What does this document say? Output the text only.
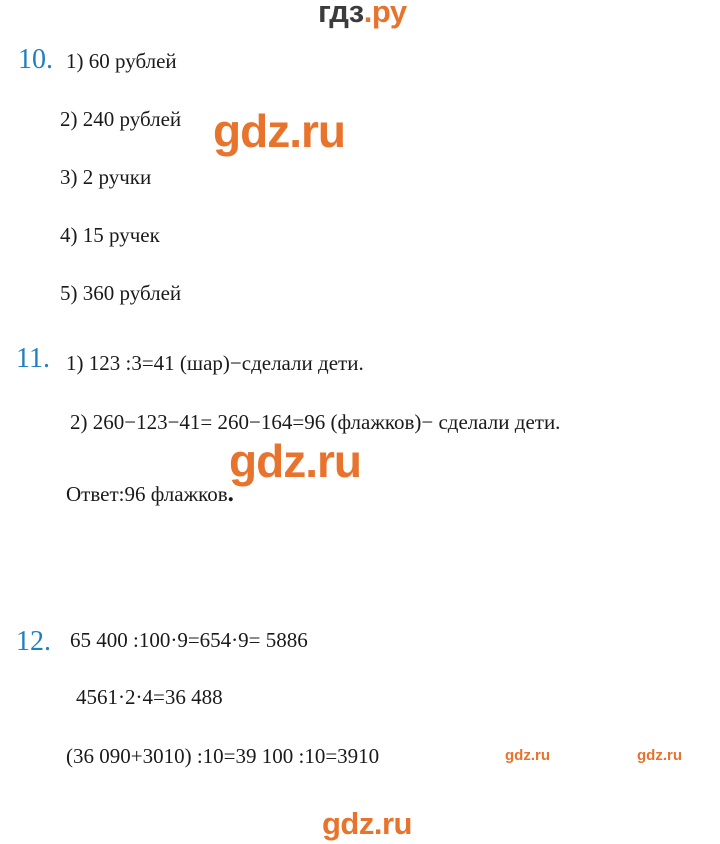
гдз.ру
gdz.ru
gdz.ru
gdz.ru
gdz.ru	gdz.ru
10. 1) 60 рублей
2) 240 рублей
3) 2 ручки
4) 15 ручек
5) 360 рублей
11. 1) 123 :3=41 (шар)−сделали дети.
2) 260−123−41= 260−164=96 (флажков)− сделали дети.
Ответ:96 флажков.
12. 65 400 :100·9=654·9= 5886
4561·2·4=36 488
(36 090+3010) :10=39 100 :10=3910
